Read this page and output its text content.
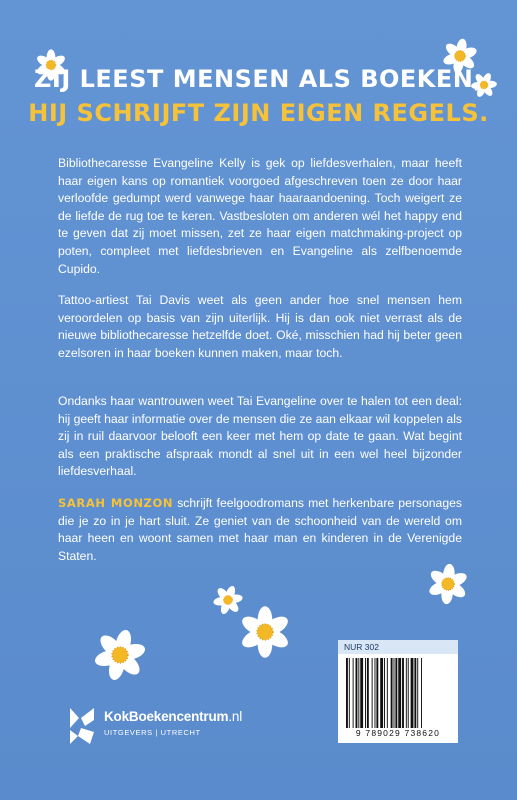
ZIJ LEEST MENSEN ALS BOEKEN,
HIJ SCHRIJFT ZIJN EIGEN REGELS.

Bibliothecaresse Evangeline Kelly is gek op liefdesverhalen, maar heeft haar eigen kans op romantiek voorgoed afgeschreven toen ze door haar verloofde gedumpt werd vanwege haar haaraandoening. Toch weigert ze de liefde de rug toe te keren. Vastbesloten om anderen wél het happy end te geven dat zij moet missen, zet ze haar eigen matchmaking-project op poten, compleet met liefdesbrieven en Evangeline als zelfbenoemde Cupido.

Tattoo-artiest Tai Davis weet als geen ander hoe snel mensen hem veroordelen op basis van zijn uiterlijk. Hij is dan ook niet verrast als de nieuwe bibliothecaresse hetzelfde doet. Oké, misschien had hij beter geen ezelsoren in haar boeken kunnen maken, maar toch.

Ondanks haar wantrouwen weet Tai Evangeline over te halen tot een deal: hij geeft haar informatie over de mensen die ze aan elkaar wil koppelen als zij in ruil daarvoor belooft een keer met hem op date te gaan. Wat begint als een praktische afspraak mondt al snel uit in een wel heel bijzonder liefdesverhaal.

SARAH MONZON schrijft feelgoodromans met herkenbare personages die je zo in je hart sluit. Ze geniet van de schoonheid van de wereld om haar heen en woont samen met haar man en kinderen in de Verenigde Staten.

NUR 302
9 789029 738620
KokBoekencentrum.nl
UITGEVERS | UTRECHT
